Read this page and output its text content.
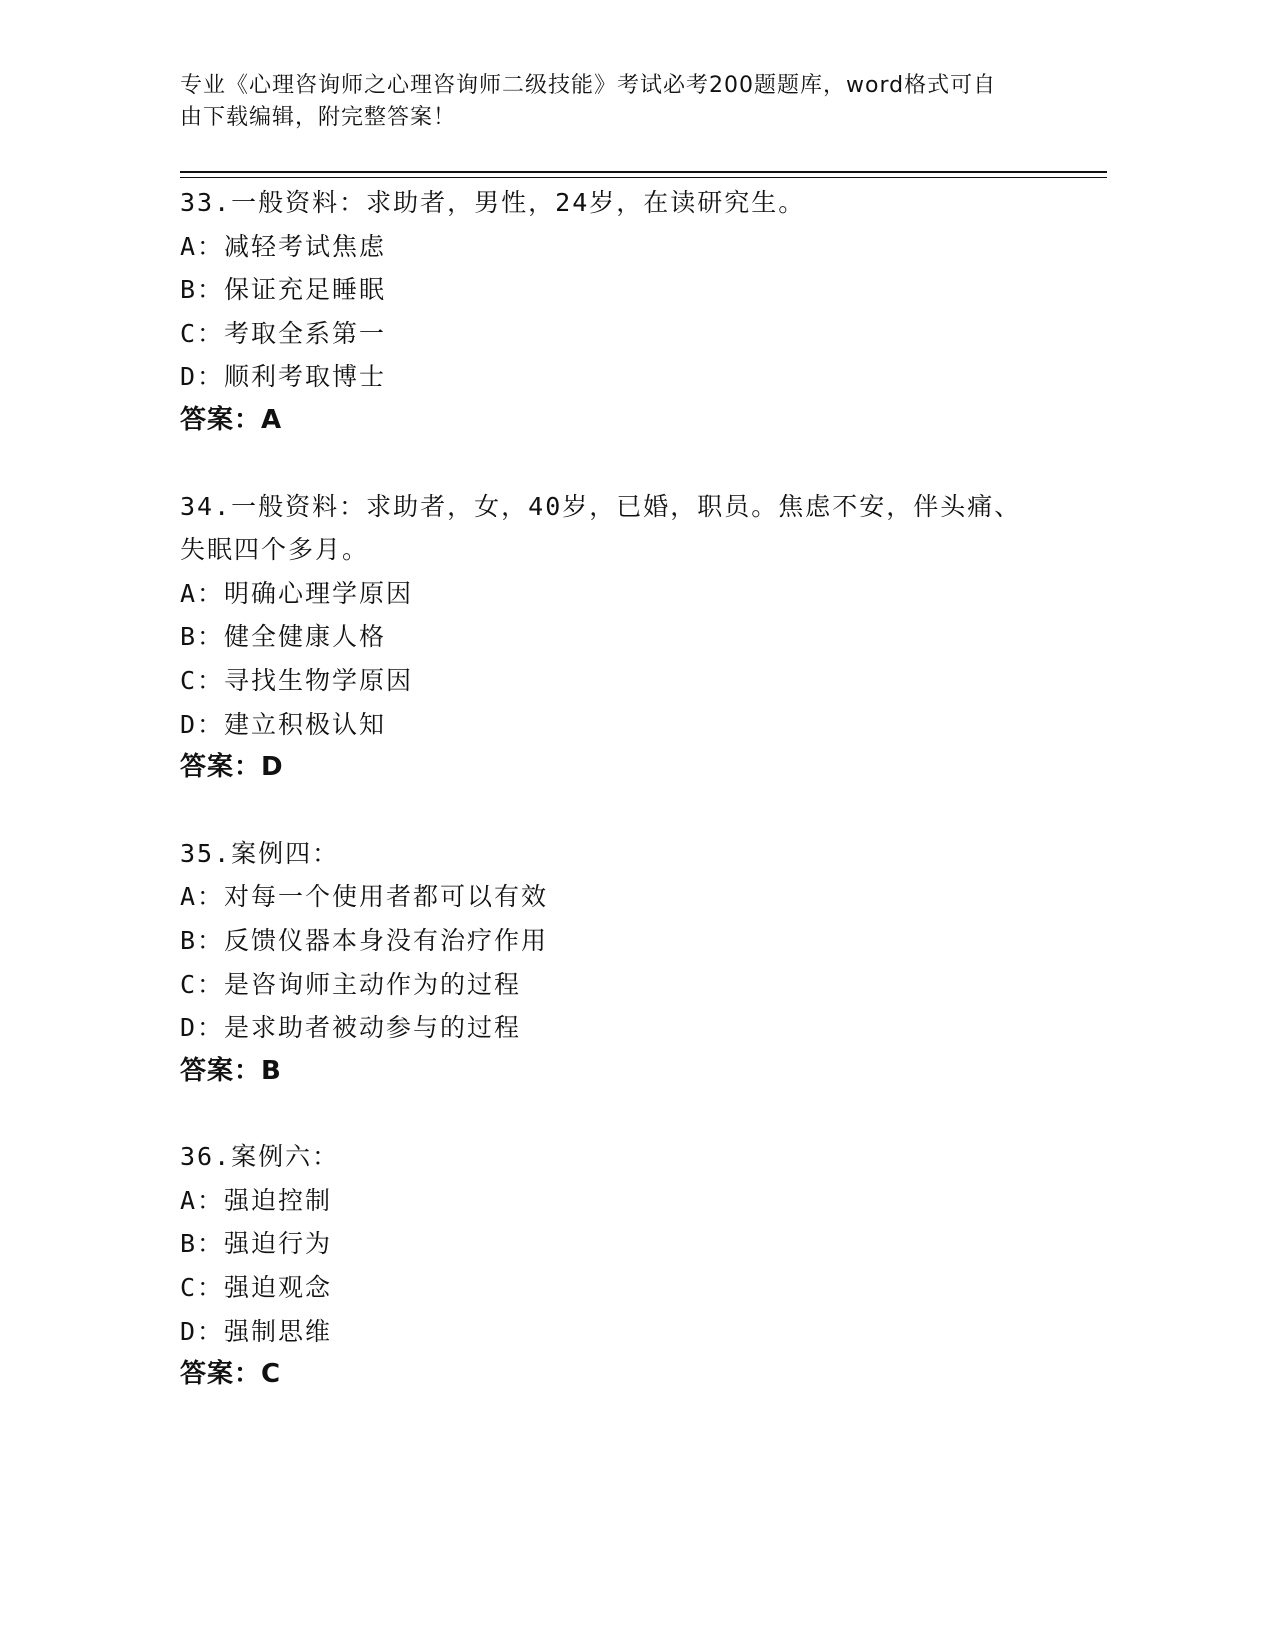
专业《心理咨询师之心理咨询师二级技能》考试必考200题题库，word格式可自
由下载编辑，附完整答案！
33.一般资料：求助者，男性，24岁，在读研究生。
A：减轻考试焦虑
B：保证充足睡眠
C：考取全系第一
D：顺利考取博士
答案：A
34.一般资料：求助者，女，40岁，已婚，职员。焦虑不安，伴头痛、
失眠四个多月。
A：明确心理学原因
B：健全健康人格
C：寻找生物学原因
D：建立积极认知
答案：D
35.案例四：
A：对每一个使用者都可以有效
B：反馈仪器本身没有治疗作用
C：是咨询师主动作为的过程
D：是求助者被动参与的过程
答案：B
36.案例六：
A：强迫控制
B：强迫行为
C：强迫观念
D：强制思维
答案：C
